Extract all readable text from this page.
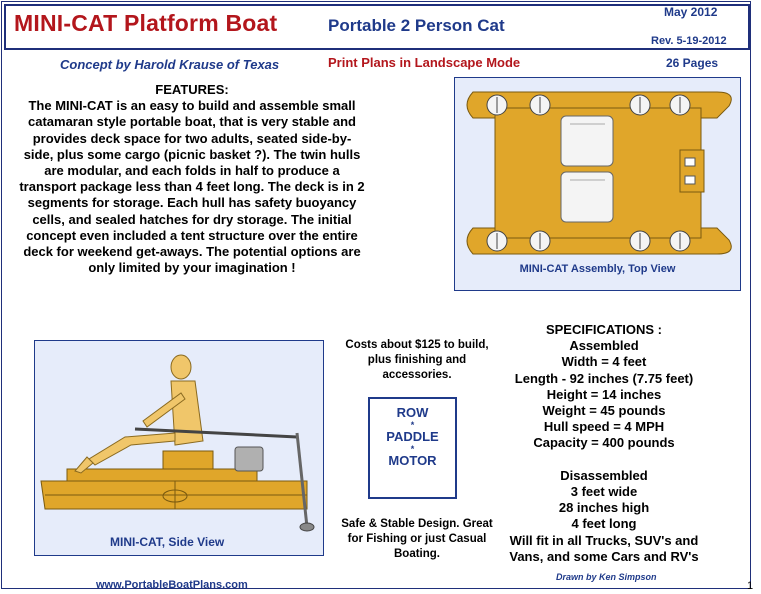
MINI-CAT Platform Boat	Portable 2 Person Cat
May 2012
Rev. 5-19-2012
Concept by Harold Krause of Texas	Print Plans in Landscape Mode	26 Pages
FEATURES:
The MINI-CAT is an easy to build and assemble small catamaran style portable boat, that is very stable and provides deck space for two adults, seated side-by-side, plus some cargo (picnic basket ?). The twin hulls are modular, and each folds in half to produce a transport package less than 4 feet long. The deck is in 2 segments for storage. Each hull has safety buoyancy cells, and sealed hatches for dry storage. The initial concept even included a tent structure over the entire deck for weekend get-aways. The potential options are only limited by your imagination !	MINI-CAT Assembly, Top View
MINI-CAT, Side View
Costs about $125 to build, plus finishing and accessories.
ROW
*
PADDLE
*
MOTOR
Safe & Stable Design. Great for Fishing or just Casual Boating.
SPECIFICATIONS :
Assembled
Width = 4 feet
Length - 92 inches (7.75 feet)
Height = 14 inches
Weight = 45 pounds
Hull speed = 4 MPH
Capacity = 400 pounds

Disassembled
3 feet wide
28 inches high
4 feet long
Will fit in all Trucks, SUV's and
Vans, and some Cars and RV's
www.PortableBoatPlans.com
Drawn by Ken Simpson
1
